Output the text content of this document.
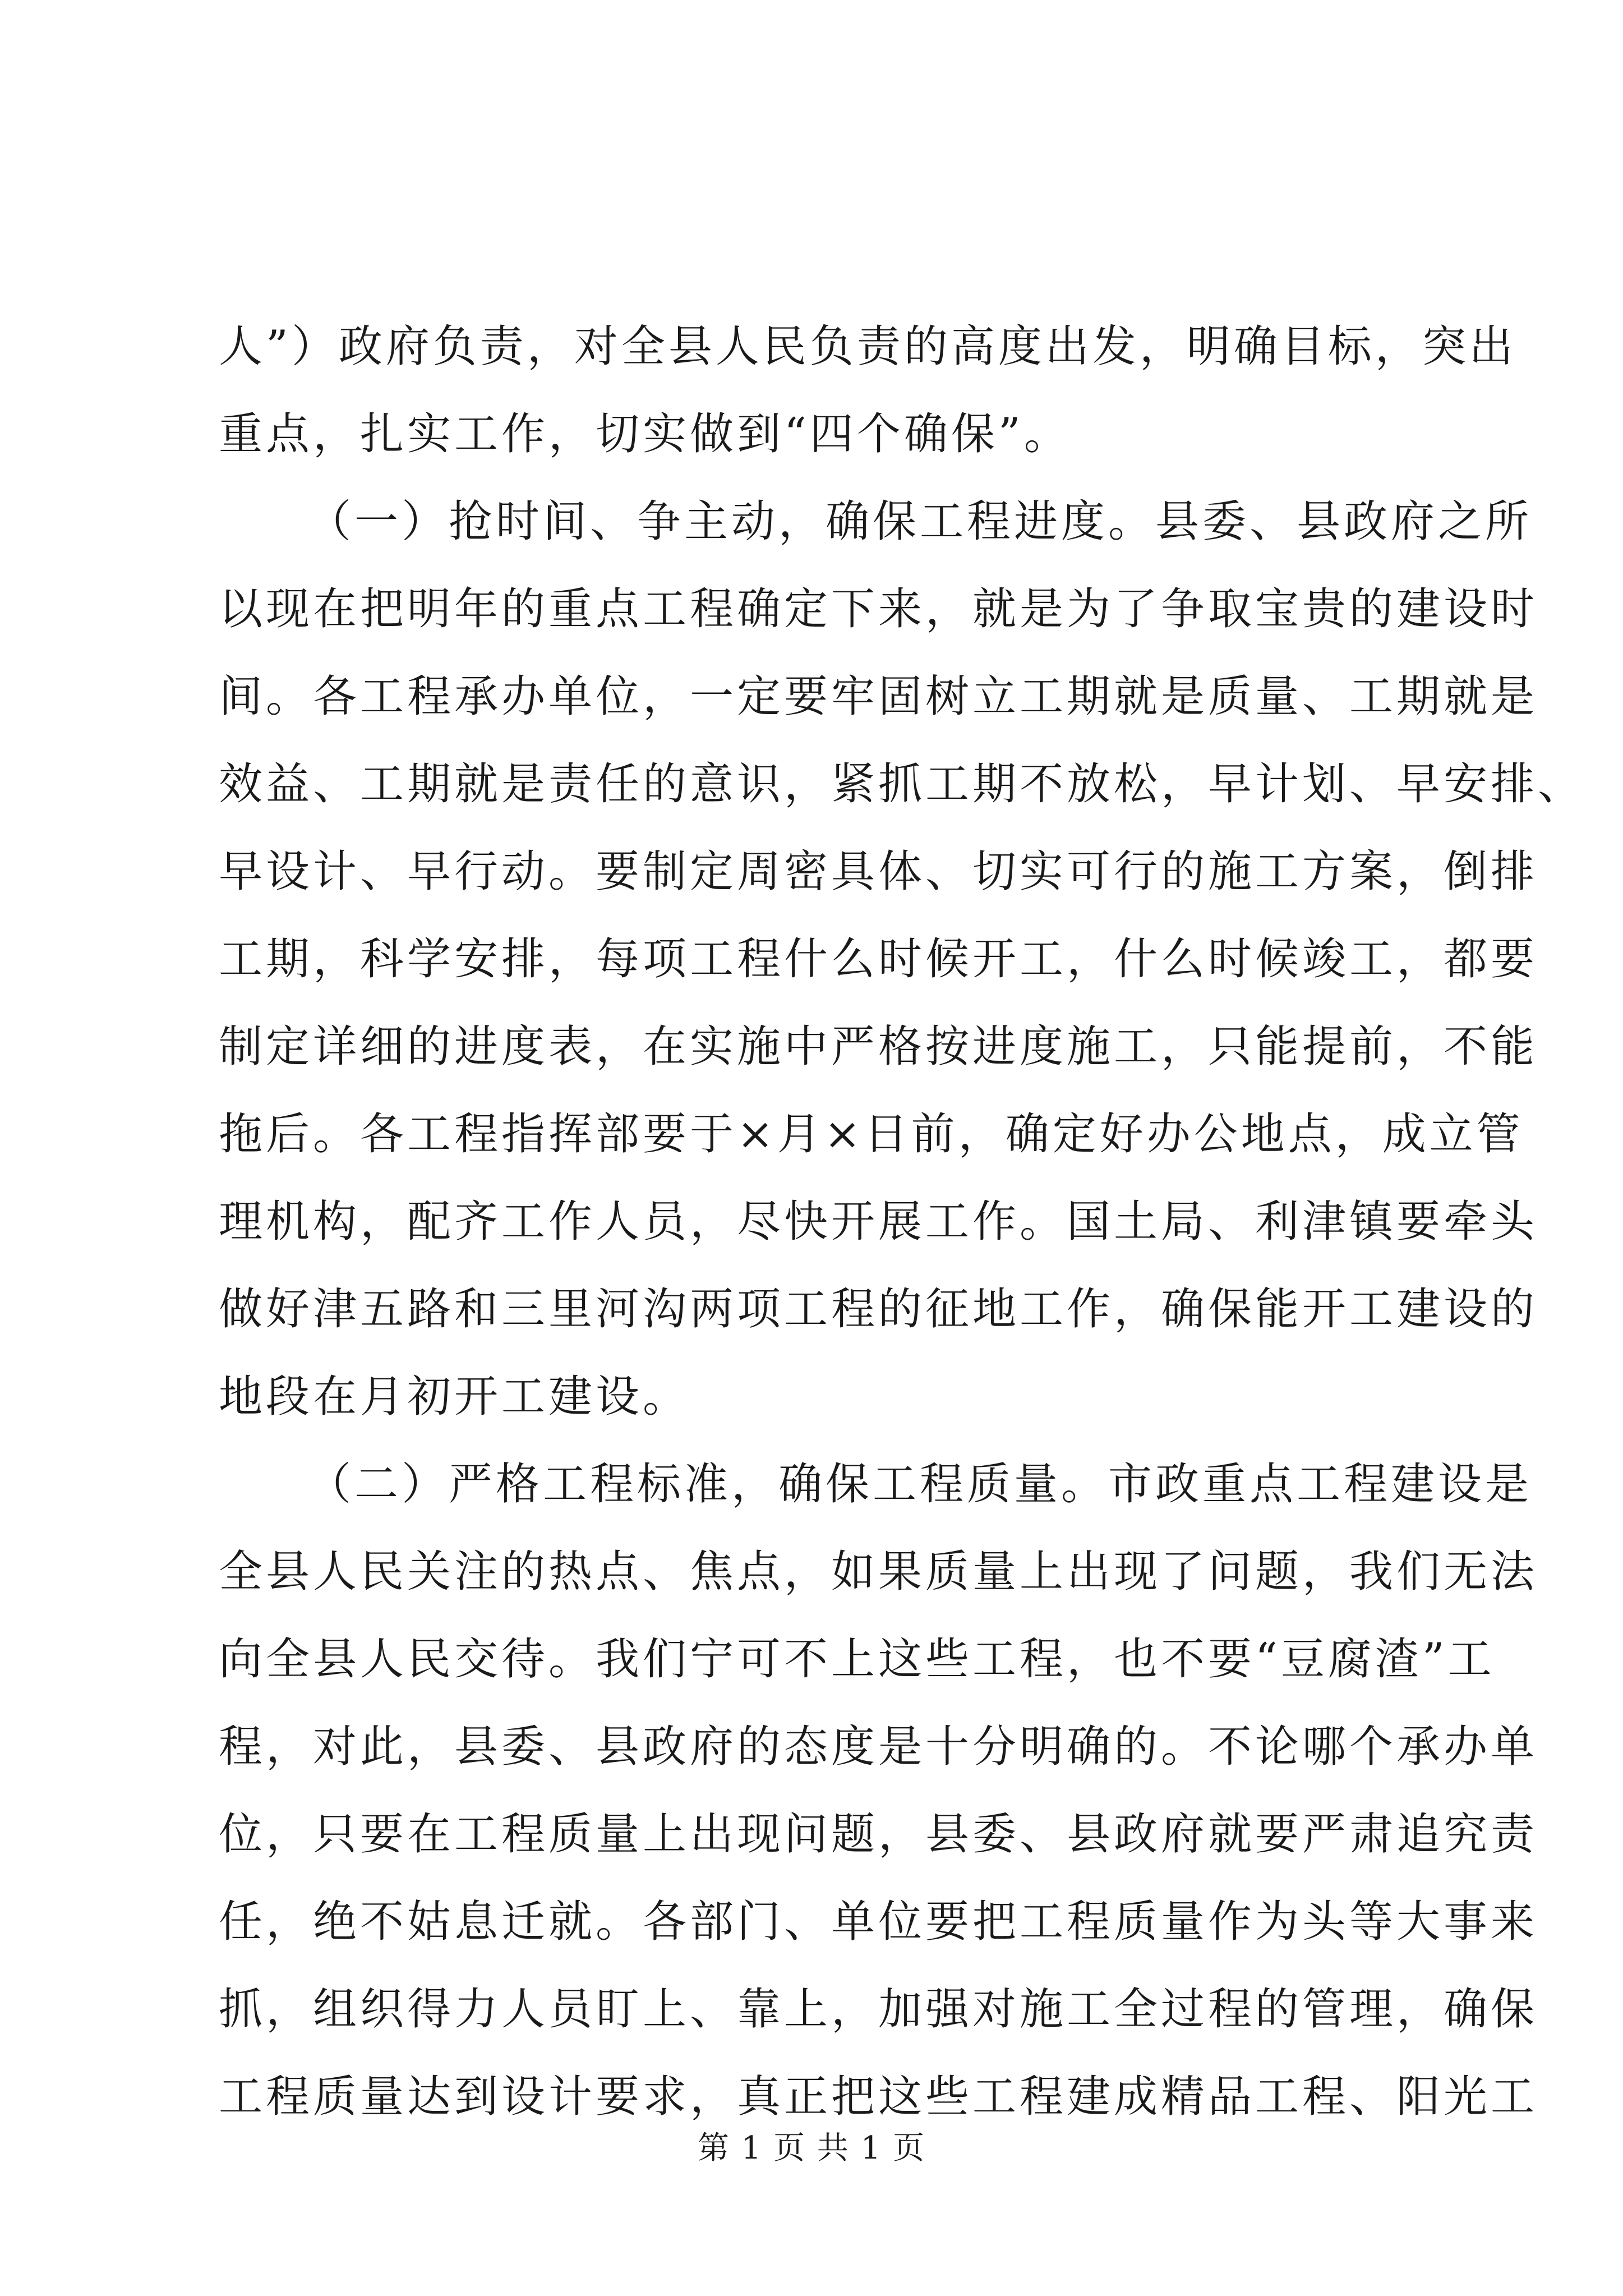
人”）政府负责，对全县人民负责的高度出发，明确目标，突出
重点，扎实工作，切实做到“四个确保”。
（一）抢时间、争主动，确保工程进度。县委、县政府之所
以现在把明年的重点工程确定下来，就是为了争取宝贵的建设时
间。各工程承办单位，一定要牢固树立工期就是质量、工期就是
效益、工期就是责任的意识，紧抓工期不放松，早计划、早安排、
早设计、早行动。要制定周密具体、切实可行的施工方案，倒排
工期，科学安排，每项工程什么时候开工，什么时候竣工，都要
制定详细的进度表，在实施中严格按进度施工，只能提前，不能
拖后。各工程指挥部要于×月×日前，确定好办公地点，成立管
理机构，配齐工作人员，尽快开展工作。国土局、利津镇要牵头
做好津五路和三里河沟两项工程的征地工作，确保能开工建设的
地段在月初开工建设。
（二）严格工程标准，确保工程质量。市政重点工程建设是
全县人民关注的热点、焦点，如果质量上出现了问题，我们无法
向全县人民交待。我们宁可不上这些工程，也不要“豆腐渣”工
程，对此，县委、县政府的态度是十分明确的。不论哪个承办单
位，只要在工程质量上出现问题，县委、县政府就要严肃追究责
任，绝不姑息迁就。各部门、单位要把工程质量作为头等大事来
抓，组织得力人员盯上、靠上，加强对施工全过程的管理，确保
工程质量达到设计要求，真正把这些工程建成精品工程、阳光工
第 1 页 共 1 页
